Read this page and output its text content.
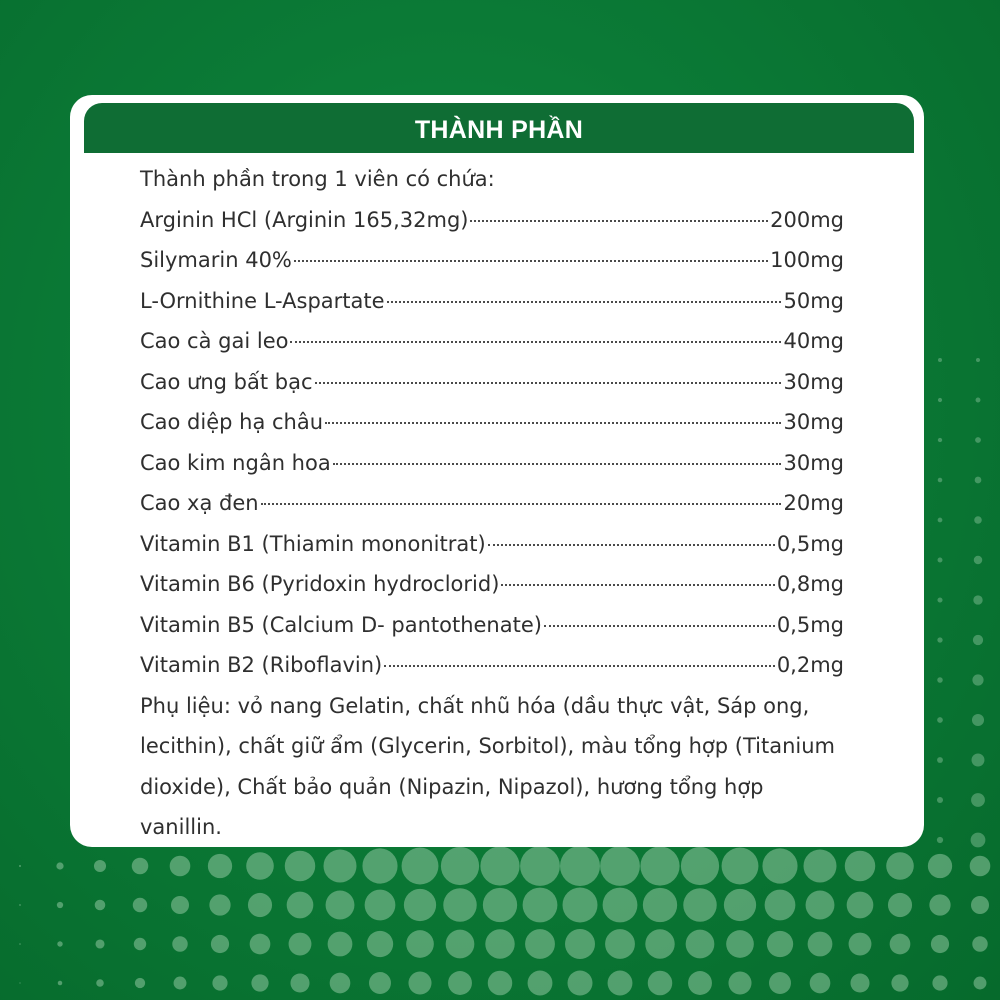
THÀNH PHẦN
Thành phần trong 1 viên có chứa:
Arginin HCl (Arginin 165,32mg)	200mg
Silymarin 40%	100mg
L-Ornithine L-Aspartate	50mg
Cao cà gai leo	40mg
Cao ưng bất bạc	30mg
Cao diệp hạ châu	30mg
Cao kim ngân hoa	30mg
Cao xạ đen	20mg
Vitamin B1 (Thiamin mononitrat)	0,5mg
Vitamin B6 (Pyridoxin hydroclorid)	0,8mg
Vitamin B5 (Calcium D- pantothenate)	0,5mg
Vitamin B2 (Riboflavin)	0,2mg
Phụ liệu: vỏ nang Gelatin, chất nhũ hóa (dầu thực vật, Sáp ong, lecithin), chất giữ ẩm (Glycerin, Sorbitol), màu tổng hợp (Titanium dioxide), Chất bảo quản (Nipazin, Nipazol), hương tổng hợp vanillin.
